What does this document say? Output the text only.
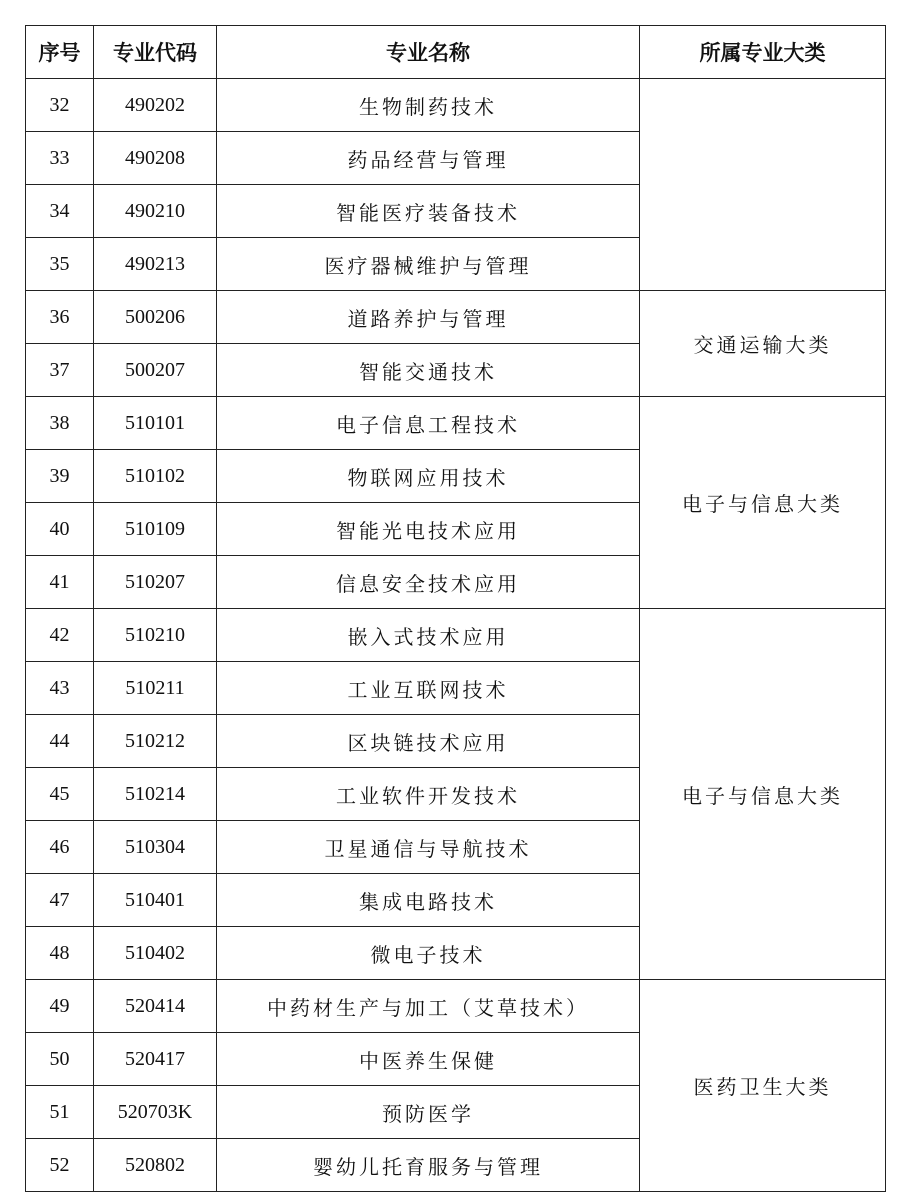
序号	专业代码	专业名称	所属专业大类
32	490202	生物制药技术	
33	490208	药品经营与管理	
34	490210	智能医疗装备技术	
35	490213	医疗器械维护与管理	
36	500206	道路养护与管理	交通运输大类
37	500207	智能交通技术	
38	510101	电子信息工程技术	电子与信息大类
39	510102	物联网应用技术	
40	510109	智能光电技术应用	
41	510207	信息安全技术应用	
42	510210	嵌入式技术应用	电子与信息大类
43	510211	工业互联网技术	
44	510212	区块链技术应用	
45	510214	工业软件开发技术	
46	510304	卫星通信与导航技术	
47	510401	集成电路技术	
48	510402	微电子技术	
49	520414	中药材生产与加工（艾草技术）	医药卫生大类
50	520417	中医养生保健	
51	520703K	预防医学	
52	520802	婴幼儿托育服务与管理	
